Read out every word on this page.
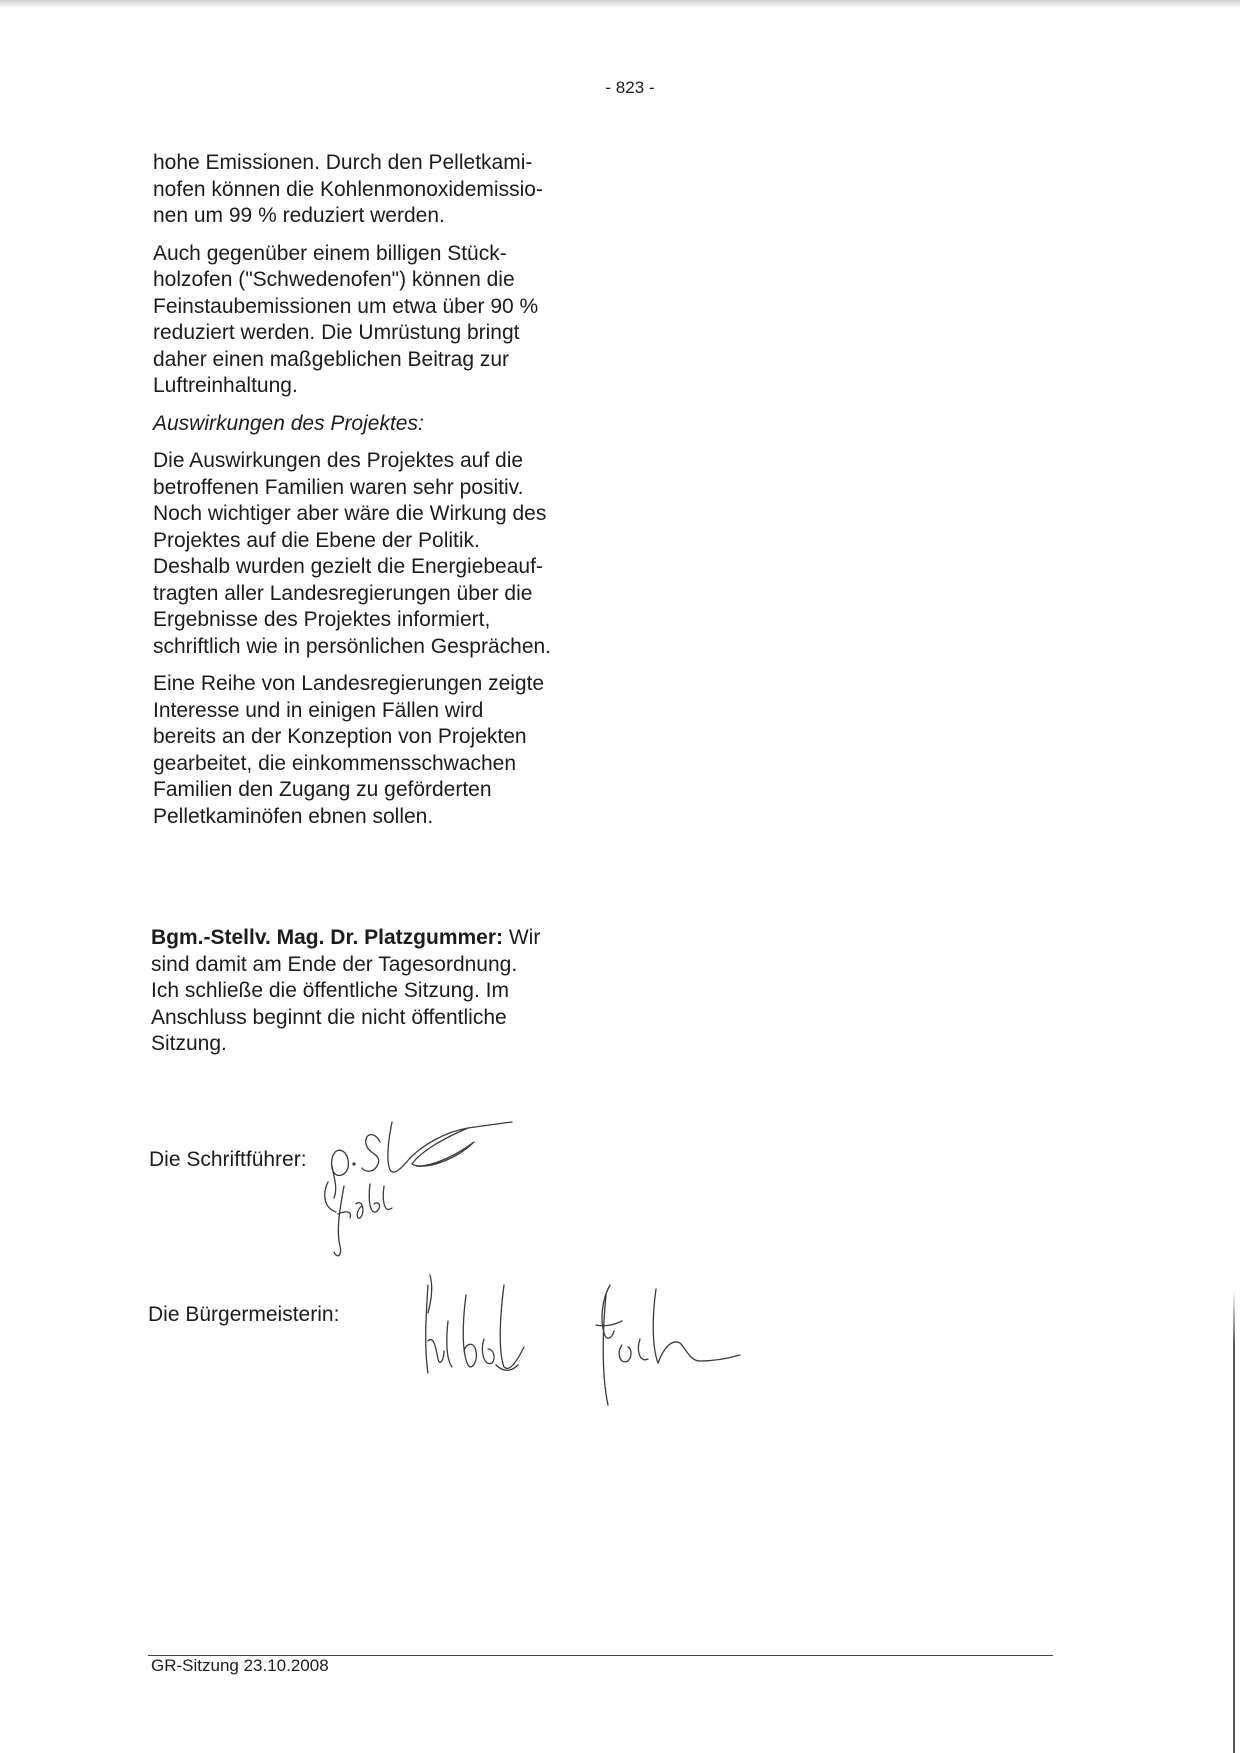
- 823 -

hohe Emissionen. Durch den Pelletkami-
nofen können die Kohlenmonoxidemissio-
nen um 99 % reduziert werden.

Auch gegenüber einem billigen Stück-
holzofen ("Schwedenofen") können die
Feinstaubemissionen um etwa über 90 %
reduziert werden. Die Umrüstung bringt
daher einen maßgeblichen Beitrag zur
Luftreinhaltung.

Auswirkungen des Projektes:

Die Auswirkungen des Projektes auf die
betroffenen Familien waren sehr positiv.
Noch wichtiger aber wäre die Wirkung des
Projektes auf die Ebene der Politik.
Deshalb wurden gezielt die Energiebeauf-
tragten aller Landesregierungen über die
Ergebnisse des Projektes informiert,
schriftlich wie in persönlichen Gesprächen.

Eine Reihe von Landesregierungen zeigte
Interesse und in einigen Fällen wird
bereits an der Konzeption von Projekten
gearbeitet, die einkommensschwachen
Familien den Zugang zu geförderten
Pelletkaminöfen ebnen sollen.

Bgm.-Stellv. Mag. Dr. Platzgummer: Wir
sind damit am Ende der Tagesordnung.
Ich schließe die öffentliche Sitzung. Im
Anschluss beginnt die nicht öffentliche
Sitzung.

Die Schriftführer:
Die Bürgermeisterin:
GR-Sitzung 23.10.2008
